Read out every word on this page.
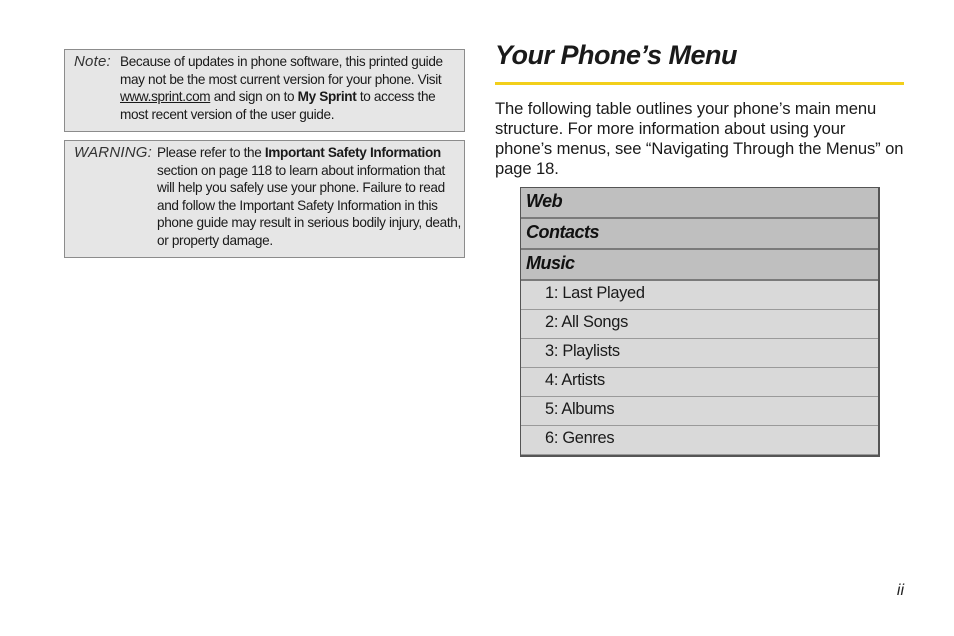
Note: Because of updates in phone software, this printed guide may not be the most current version for your phone. Visit www.sprint.com and sign on to My Sprint to access the most recent version of the user guide.
WARNING: Please refer to the Important Safety Information section on page 118 to learn about information that will help you safely use your phone. Failure to read and follow the Important Safety Information in this phone guide may result in serious bodily injury, death, or property damage.
Your Phone’s Menu

The following table outlines your phone’s main menu structure. For more information about using your phone’s menus, see “Navigating Through the Menus” on page 18.

Web
Contacts
Music
1: Last Played
2: All Songs
3: Playlists
4: Artists
5: Albums
6: Genres
ii
